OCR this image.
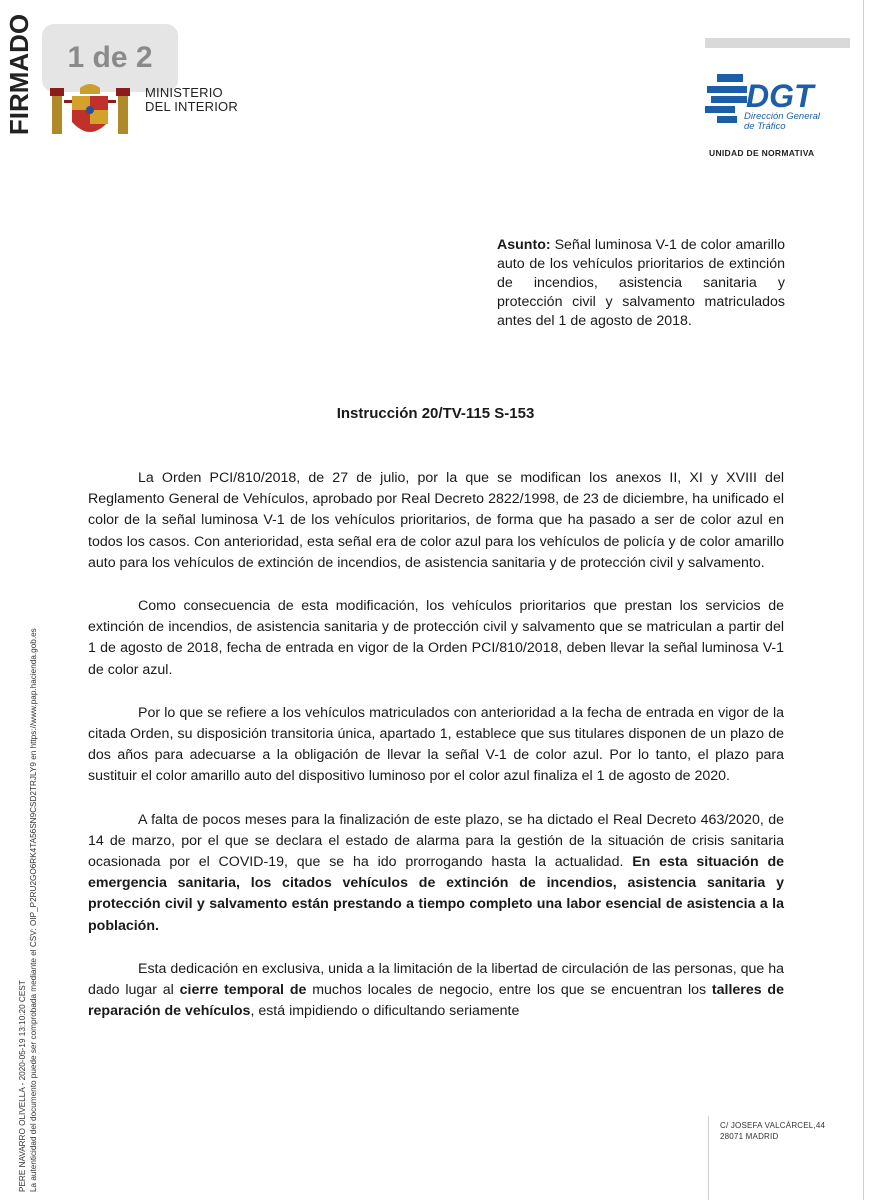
FIRMADO	1 de 2
MINISTERIO
DEL INTERIOR	DGT
Dirección General
de Tráfico
UNIDAD DE NORMATIVA
Asunto: Señal luminosa V-1 de color amarillo auto de los vehículos prioritarios de extinción de incendios, asistencia sanitaria y protección civil y salvamento matriculados antes del 1 de agosto de 2018.
Instrucción 20/TV-115 S-153

La Orden PCI/810/2018, de 27 de julio, por la que se modifican los anexos II, XI y XVIII del Reglamento General de Vehículos, aprobado por Real Decreto 2822/1998, de 23 de diciembre, ha unificado el color de la señal luminosa V-1 de los vehículos prioritarios, de forma que ha pasado a ser de color azul en todos los casos. Con anterioridad, esta señal era de color azul para los vehículos de policía y de color amarillo auto para los vehículos de extinción de incendios, de asistencia sanitaria y de protección civil y salvamento.

Como consecuencia de esta modificación, los vehículos prioritarios que prestan los servicios de extinción de incendios, de asistencia sanitaria y de protección civil y salvamento que se matriculan a partir del 1 de agosto de 2018, fecha de entrada en vigor de la Orden PCI/810/2018, deben llevar la señal luminosa V-1 de color azul.

Por lo que se refiere a los vehículos matriculados con anterioridad a la fecha de entrada en vigor de la citada Orden, su disposición transitoria única, apartado 1, establece que sus titulares disponen de un plazo de dos años para adecuarse a la obligación de llevar la señal V-1 de color azul. Por lo tanto, el plazo para sustituir el color amarillo auto del dispositivo luminoso por el color azul finaliza el 1 de agosto de 2020.

A falta de pocos meses para la finalización de este plazo, se ha dictado el Real Decreto 463/2020, de 14 de marzo, por el que se declara el estado de alarma para la gestión de la situación de crisis sanitaria ocasionada por el COVID-19, que se ha ido prorrogando hasta la actualidad. En esta situación de emergencia sanitaria, los citados vehículos de extinción de incendios, asistencia sanitaria y protección civil y salvamento están prestando a tiempo completo una labor esencial de asistencia a la población.

Esta dedicación en exclusiva, unida a la limitación de la libertad de circulación de las personas, que ha dado lugar al cierre temporal de muchos locales de negocio, entre los que se encuentran los talleres de reparación de vehículos, está impidiendo o dificultando seriamente

PERE NAVARRO OLIVELLA - 2020-05-19 13:10:20 CEST La autenticidad del documento puede ser comprobada mediante el CSV: OIP_P2RU2GO6RK4TA56SN9CSD2TRJLY9 en https://www.pap.hacienda.gob.es	C/ JOSEFA VALCÁRCEL,44
28071 MADRID
